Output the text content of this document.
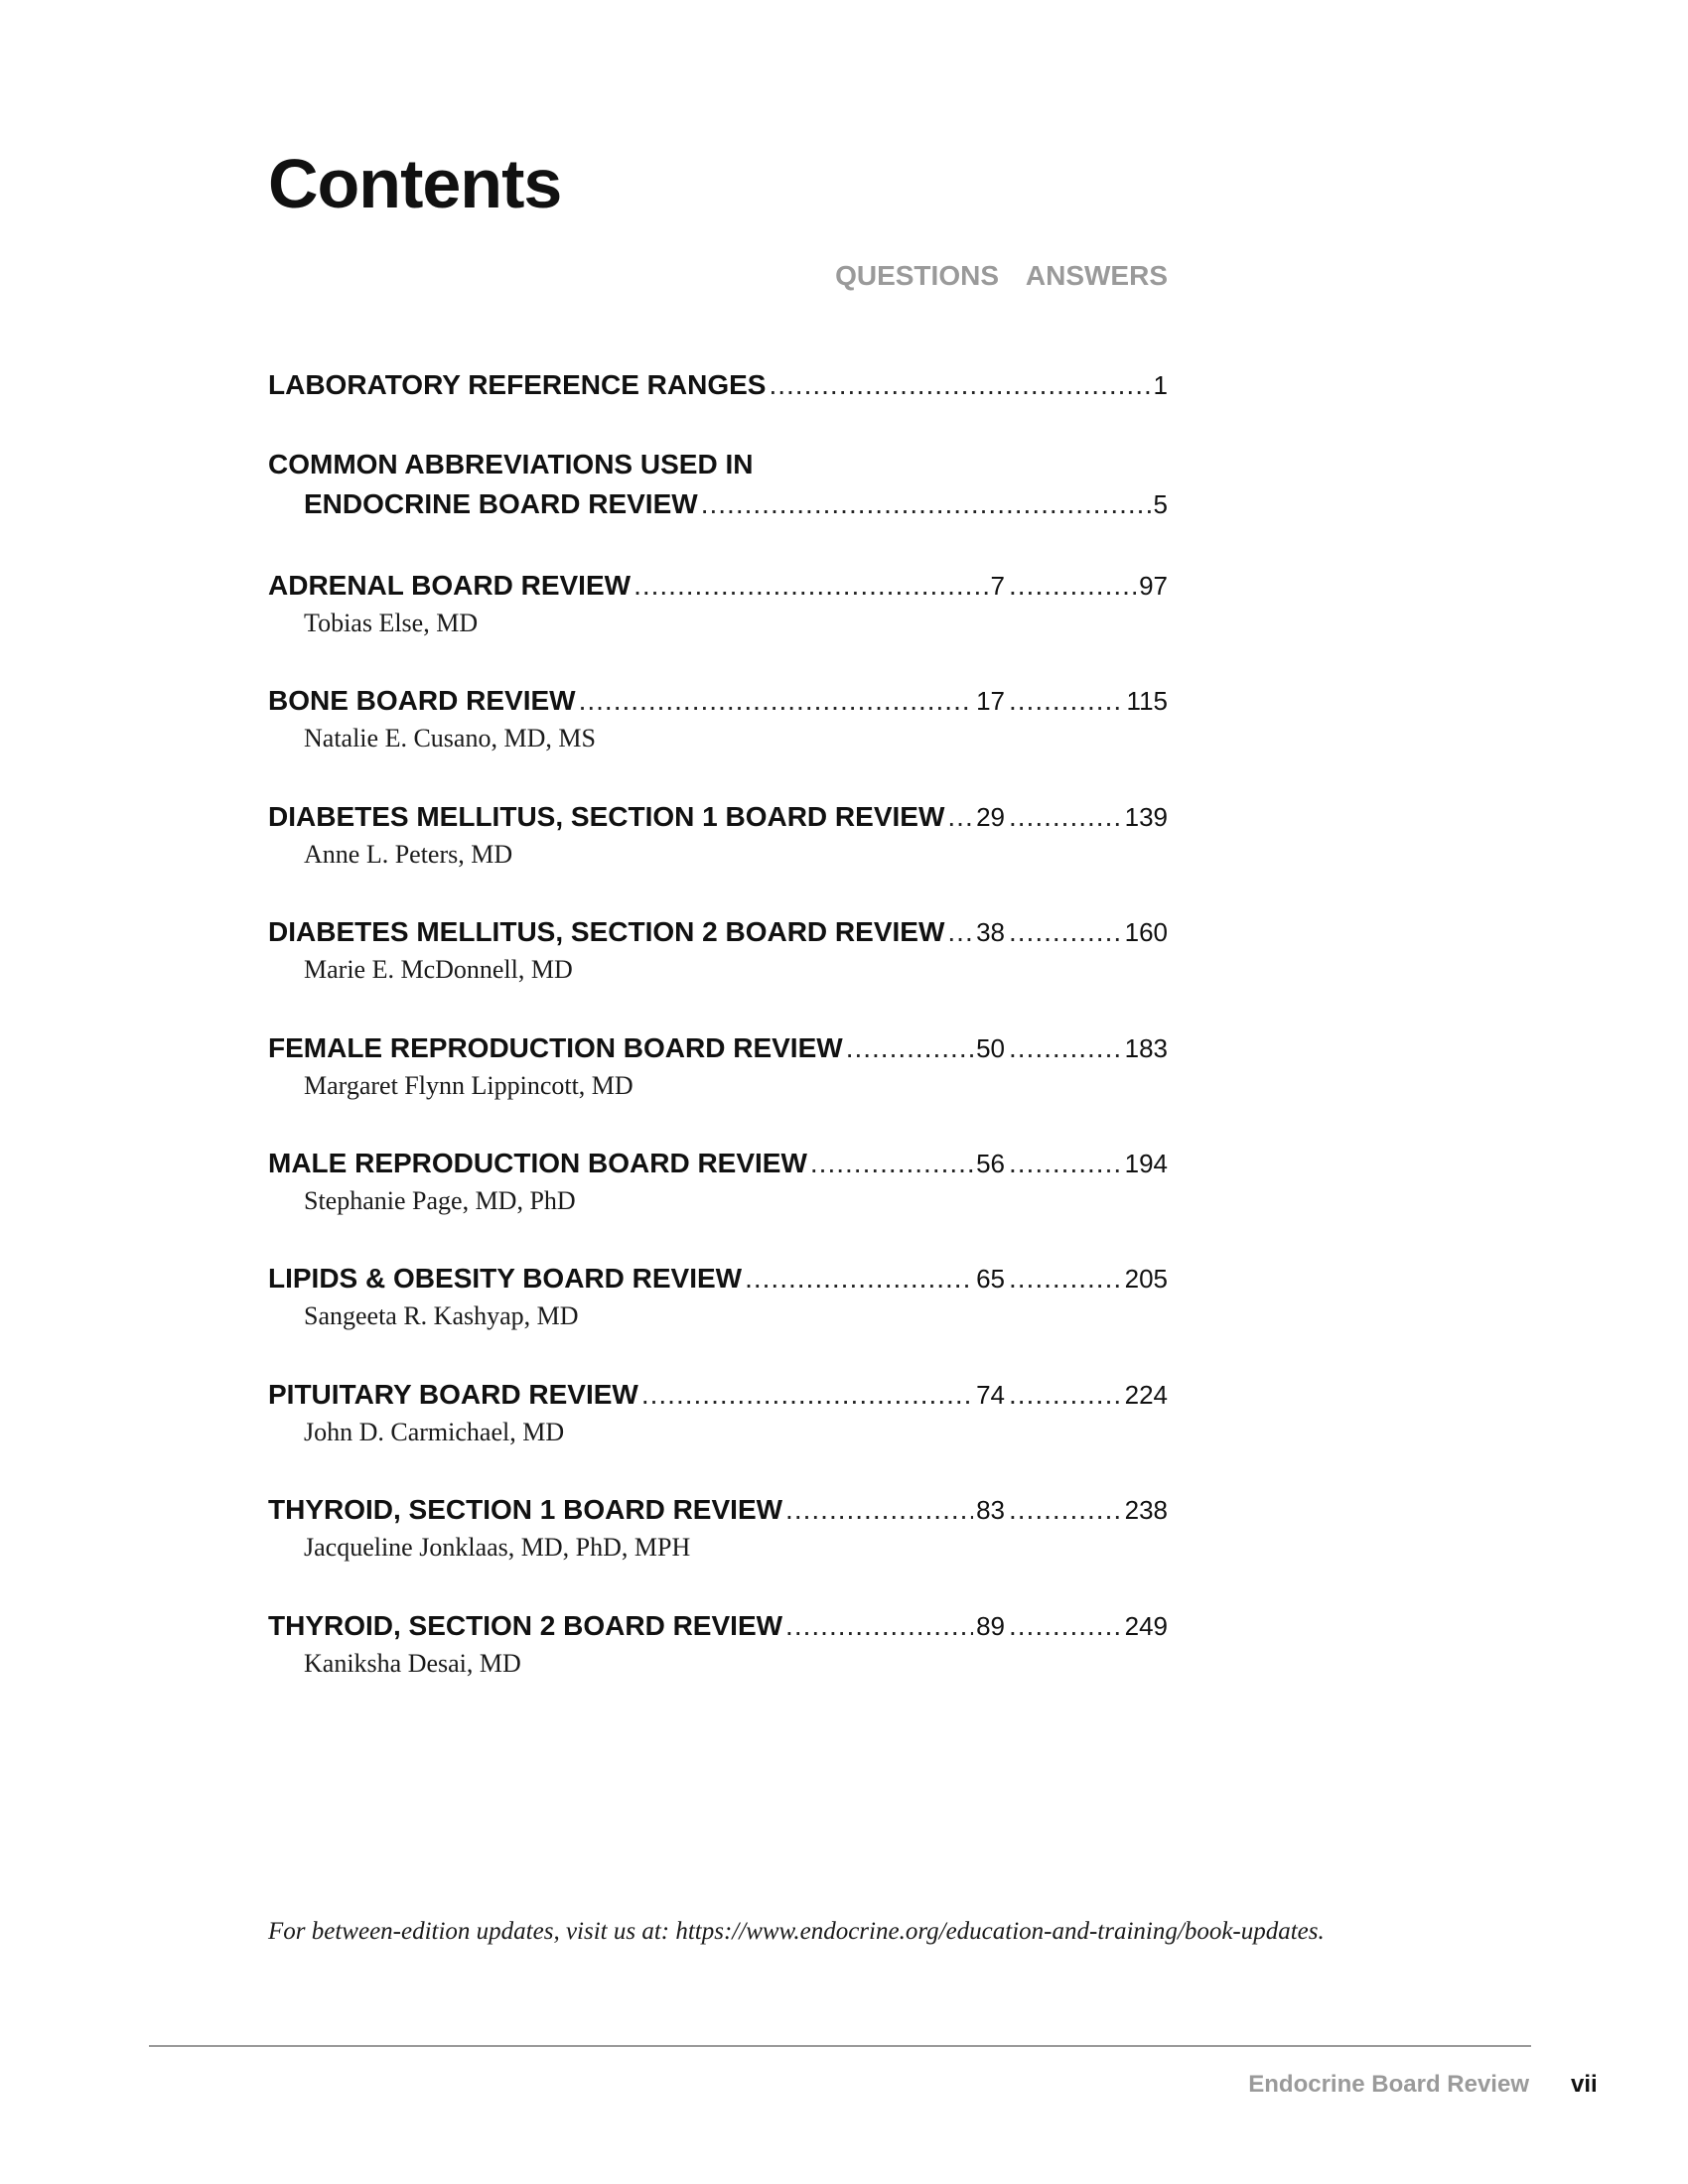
Contents
QUESTIONS ANSWERS
LABORATORY REFERENCE RANGES .....	1
COMMON ABBREVIATIONS USED IN
ENDOCRINE BOARD REVIEW .....	5
ADRENAL BOARD REVIEW .....	7 .....	97
Tobias Else, MD
BONE BOARD REVIEW .....	17 .....	115
Natalie E. Cusano, MD, MS
DIABETES MELLITUS, SECTION 1 BOARD REVIEW ..... 29 .....	139
Anne L. Peters, MD
DIABETES MELLITUS, SECTION 2 BOARD REVIEW ..... 38 .....	160
Marie E. McDonnell, MD
FEMALE REPRODUCTION BOARD REVIEW .....	50 .....	183
Margaret Flynn Lippincott, MD
MALE REPRODUCTION BOARD REVIEW .....	56 .....	194
Stephanie Page, MD, PhD
LIPIDS & OBESITY BOARD REVIEW .....	65 .....	205
Sangeeta R. Kashyap, MD
PITUITARY BOARD REVIEW .....	74 .....	224
John D. Carmichael, MD
THYROID, SECTION 1 BOARD REVIEW .....	83 .....	238
Jacqueline Jonklaas, MD, PhD, MPH
THYROID, SECTION 2 BOARD REVIEW .....	89 .....	249
Kaniksha Desai, MD
For between-edition updates, visit us at: https://www.endocrine.org/education-and-training/book-updates.
Endocrine Board Review vii
